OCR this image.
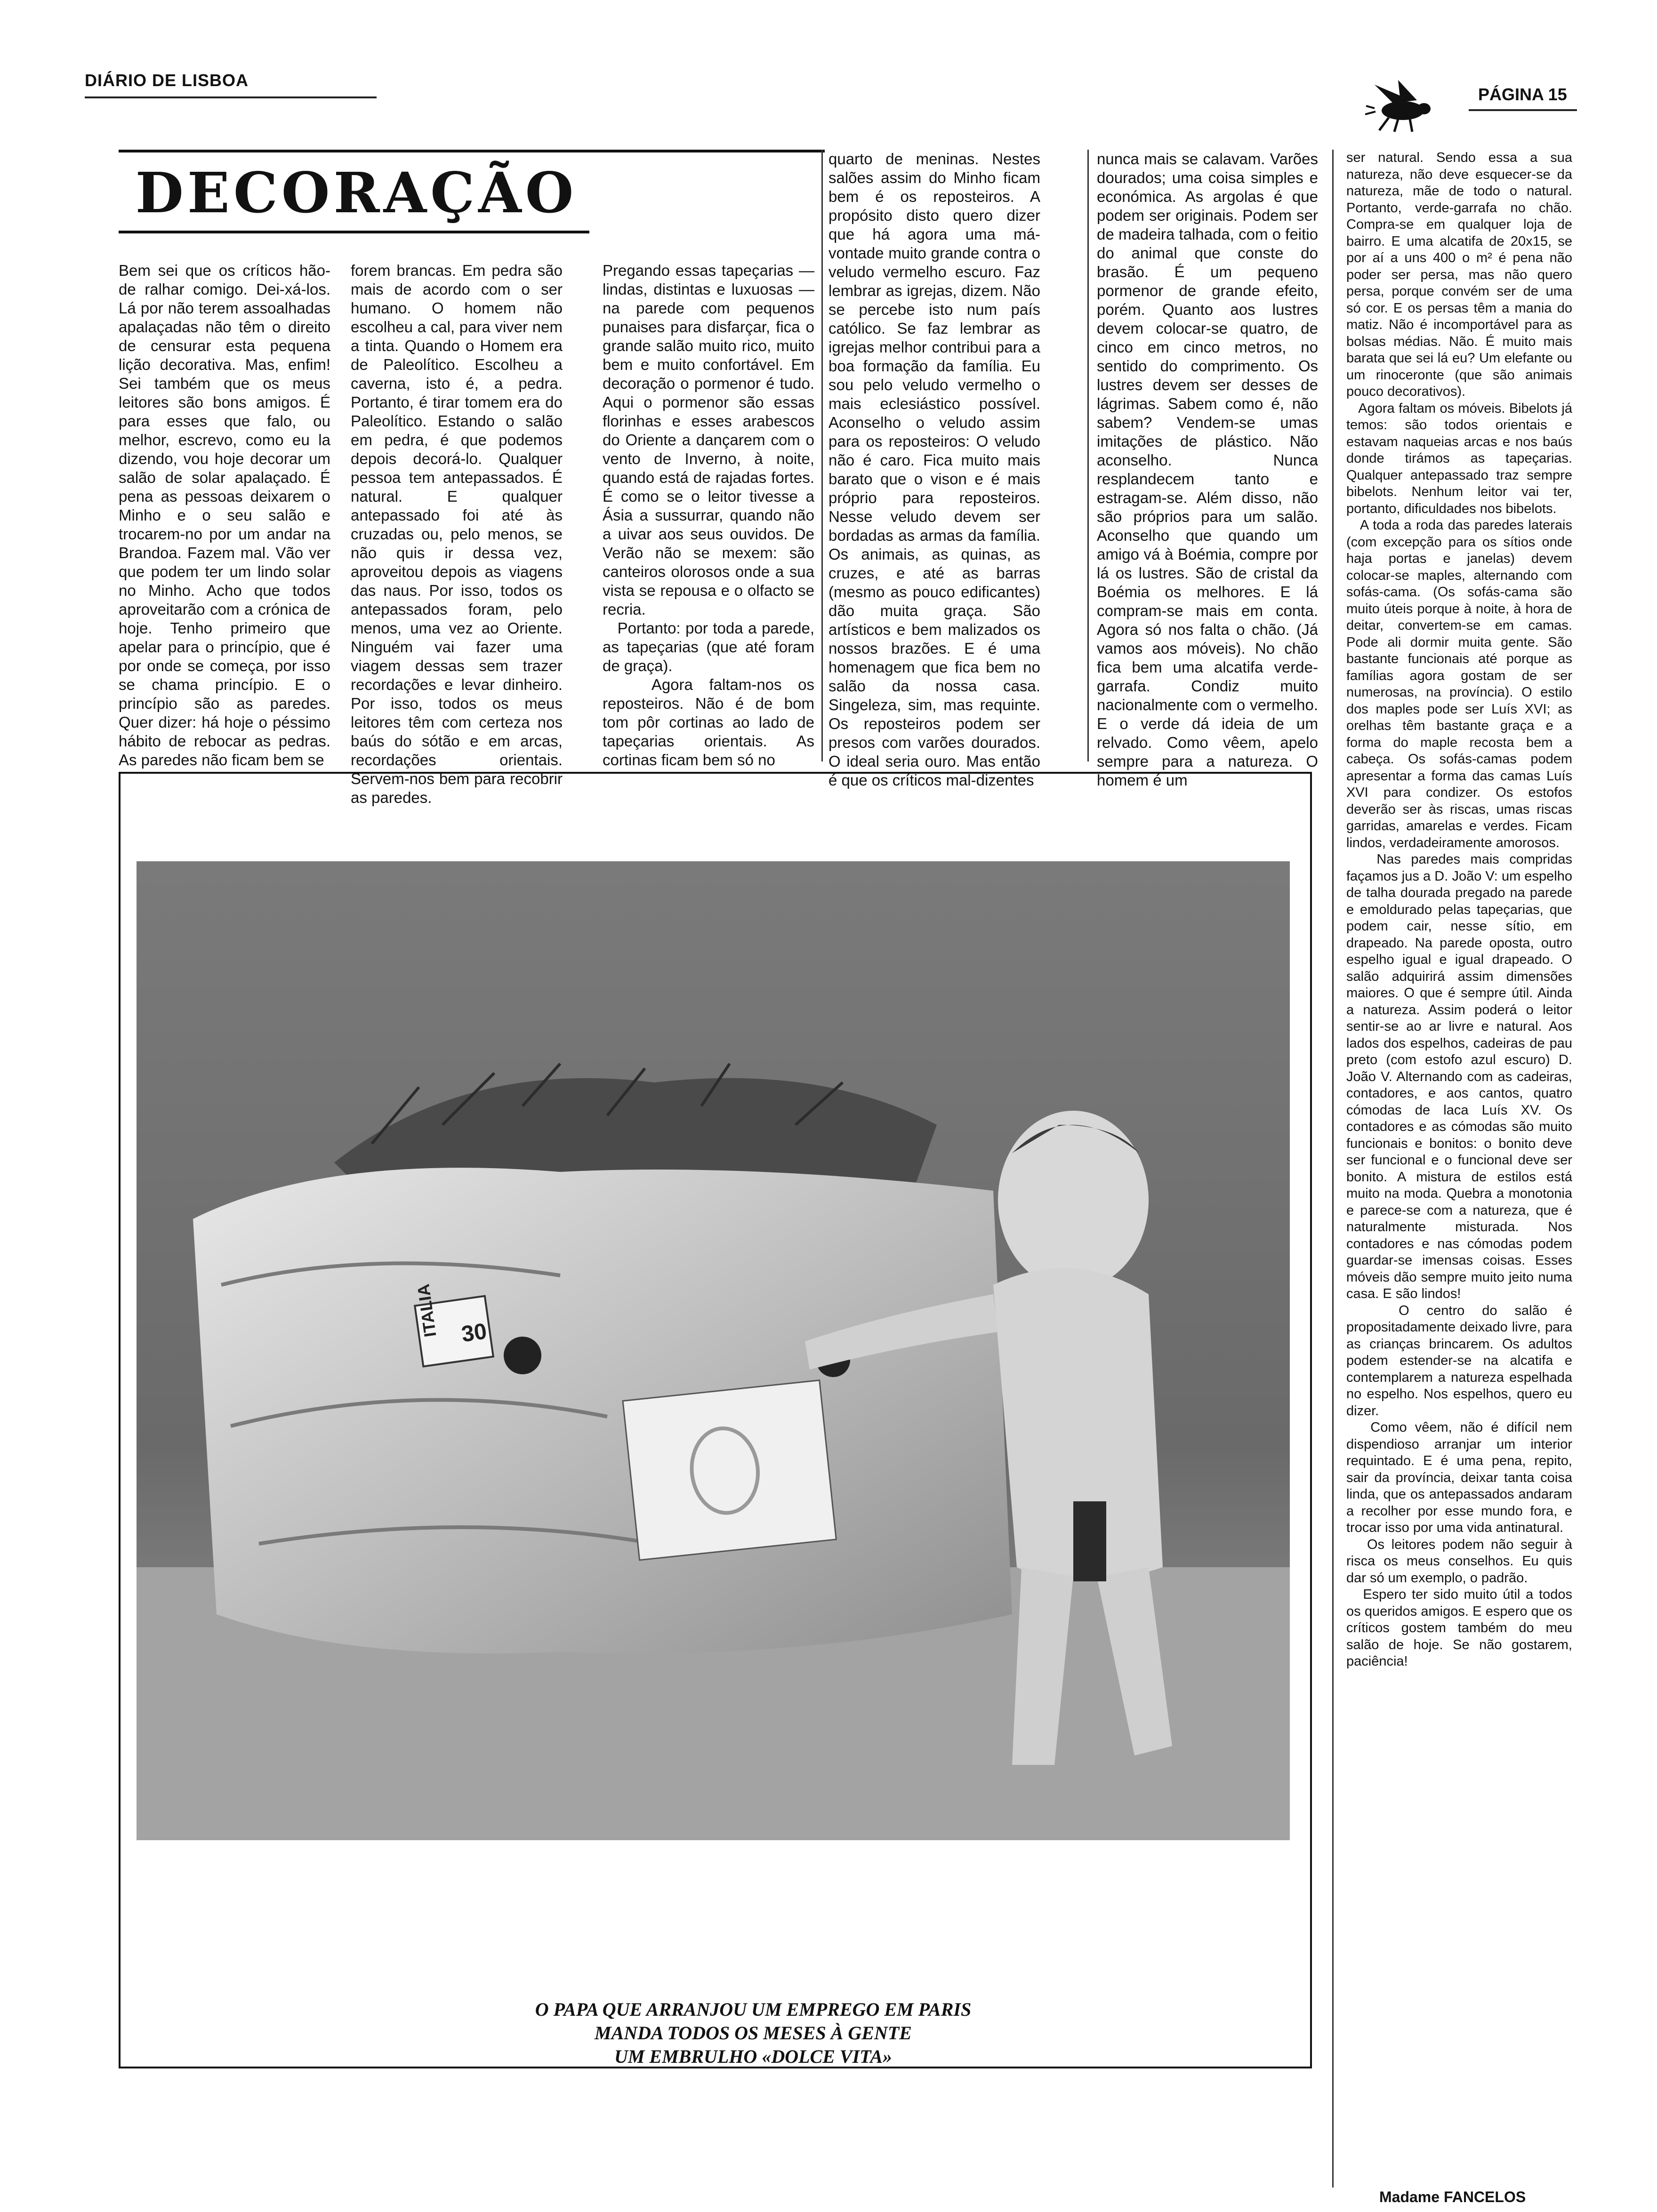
DIÁRIO DE LISBOA
PÁGINA 15
DECORAÇÃO
Bem sei que os críticos hão-de ralhar comigo. Dei-xá-los. Lá por não terem assoalhadas apalaçadas não têm o direito de censurar esta pequena lição decorativa. Mas, enfim! Sei também que os meus leitores são bons amigos. É para esses que falo, ou melhor, escrevo, como eu la dizendo, vou hoje decorar um salão de solar apalaçado. É pena as pessoas deixarem o Minho e o seu salão e trocarem-no por um andar na Brandoa. Fazem mal. Vão ver que podem ter um lindo solar no Minho. Acho que todos aproveitarão com a crónica de hoje. Tenho primeiro que apelar para o princípio, que é por onde se começa, por isso se chama princípio. E o princípio são as paredes. Quer dizer: há hoje o péssimo hábito de rebocar as pedras. As paredes não ficam bem se
forem brancas. Em pedra são mais de acordo com o ser humano. O homem não escolheu a cal, para viver nem a tinta. Quando o Homem era de Paleolítico. Escolheu a caverna, isto é, a pedra. Portanto, é tirar tomem era do Paleolítico. Estando o salão em pedra, é que podemos depois decorá-lo. Qualquer pessoa tem antepassados. É natural. E qualquer antepassado foi até às cruzadas ou, pelo menos, se não quis ir dessa vez, aproveitou depois as viagens das naus. Por isso, todos os antepassados foram, pelo menos, uma vez ao Oriente. Ninguém vai fazer uma viagem dessas sem trazer recordações e levar dinheiro. Por isso, todos os meus leitores têm com certeza nos baús do sótão e em arcas, recordações orientais. Servem-nos bem para recobrir as paredes.
Pregando essas tapeçarias — lindas, distintas e luxuosas — na parede com pequenos punaises para disfarçar, fica o grande salão muito rico, muito bem e muito confortável. Em decoração o pormenor é tudo. Aqui o pormenor são essas florinhas e esses arabescos do Oriente a dançarem com o vento de Inverno, à noite, quando está de rajadas fortes. É como se o leitor tivesse a Ásia a sussurrar, quando não a uivar aos seus ouvidos. De Verão não se mexem: são canteiros olorosos onde a sua vista se repousa e o olfacto se recria.
Portanto: por toda a parede, as tapeçarias (que até foram de graça).
Agora faltam-nos os reposteiros. Não é de bom tom pôr cortinas ao lado de tapeçarias orientais. As cortinas ficam bem só no
quarto de meninas. Nestes salões assim do Minho ficam bem é os reposteiros. A propósito disto quero dizer que há agora uma má-vontade muito grande contra o veludo vermelho escuro. Faz lembrar as igrejas, dizem. Não se percebe isto num país católico. Se faz lembrar as igrejas melhor contribui para a boa formação da família. Eu sou pelo veludo vermelho o mais eclesiástico possível. Aconselho o veludo assim para os reposteiros: O veludo não é caro. Fica muito mais barato que o vison e é mais próprio para reposteiros. Nesse veludo devem ser bordadas as armas da família. Os animais, as quinas, as cruzes, e até as barras (mesmo as pouco edificantes) dão muita graça. São artísticos e bem malizados os nossos brazões. E é uma homenagem que fica bem no salão da nossa casa. Singeleza, sim, mas requinte. Os reposteiros podem ser presos com varões dourados. O ideal seria ouro. Mas então é que os críticos mal-dizentes
nunca mais se calavam. Varões dourados; uma coisa simples e económica. As argolas é que podem ser originais. Podem ser de madeira talhada, com o feitio do animal que conste do brasão. É um pequeno pormenor de grande efeito, porém. Quanto aos lustres devem colocar-se quatro, de cinco em cinco metros, no sentido do comprimento. Os lustres devem ser desses de lágrimas. Sabem como é, não sabem? Vendem-se umas imitações de plástico. Não aconselho. Nunca resplandecem tanto e estragam-se. Além disso, não são próprios para um salão. Aconselho que quando um amigo vá à Boémia, compre por lá os lustres. São de cristal da Boémia os melhores. E lá compram-se mais em conta. Agora só nos falta o chão. (Já vamos aos móveis). No chão fica bem uma alcatifa verde-garrafa. Condiz muito nacionalmente com o vermelho. E o verde dá ideia de um relvado. Como vêem, apelo sempre para a natureza. O homem é um
ser natural. Sendo essa a sua natureza, não deve esquecer-se da natureza, mãe de todo o natural. Portanto, verde-garrafa no chão. Compra-se em qualquer loja de bairro. E uma alcatifa de 20x15, se por aí a uns 400 o m² é pena não poder ser persa, mas não quero persa, porque convém ser de uma só cor. E os persas têm a mania do matiz. Não é incomportável para as bolsas médias. Não. É muito mais barata que sei lá eu? Um elefante ou um rinoceronte (que são animais pouco decorativos).
Agora faltam os móveis. Bibelots já temos: são todos orientais e estavam naqueias arcas e nos baús donde tirámos as tapeçarias. Qualquer antepassado traz sempre bibelots. Nenhum leitor vai ter, portanto, dificuldades nos bibelots.
A toda a roda das paredes laterais (com excepção para os sítios onde haja portas e janelas) devem colocar-se maples, alternando com sofás-cama. (Os sofás-cama são muito úteis porque à noite, à hora de deitar, convertem-se em camas. Pode ali dormir muita gente. São bastante funcionais até porque as famílias agora gostam de ser numerosas, na província). O estilo dos maples pode ser Luís XVI; as orelhas têm bastante graça e a forma do maple recosta bem a cabeça. Os sofás-camas podem apresentar a forma das camas Luís XVI para condizer. Os estofos deverão ser às riscas, umas riscas garridas, amarelas e verdes. Ficam lindos, verdadeiramente amorosos.
Nas paredes mais compridas façamos jus a D. João V: um espelho de talha dourada pregado na parede e emoldurado pelas tapeçarias, que podem cair, nesse sítio, em drapeado. Na parede oposta, outro espelho igual e igual drapeado. O salão adquirirá assim dimensões maiores. O que é sempre útil. Ainda a natureza. Assim poderá o leitor sentir-se ao ar livre e natural. Aos lados dos espelhos, cadeiras de pau preto (com estofo azul escuro) D. João V. Alternando com as cadeiras, contadores, e aos cantos, quatro cómodas de laca Luís XV. Os contadores e as cómodas são muito funcionais e bonitos: o bonito deve ser funcional e o funcional deve ser bonito. A mistura de estilos está muito na moda. Quebra a monotonia e parece-se com a natureza, que é naturalmente misturada. Nos contadores e nas cómodas podem guardar-se imensas coisas. Esses móveis dão sempre muito jeito numa casa. E são lindos!
O centro do salão é propositadamente deixado livre, para as crianças brincarem. Os adultos podem estender-se na alcatifa e contemplarem a natureza espelhada no espelho. Nos espelhos, quero eu dizer.
Como vêem, não é difícil nem dispendioso arranjar um interior requintado. E é uma pena, repito, sair da província, deixar tanta coisa linda, que os antepassados andaram a recolher por esse mundo fora, e trocar isso por uma vida antinatural.
Os leitores podem não seguir à risca os meus conselhos. Eu quis dar só um exemplo, o padrão.
Espero ter sido muito útil a todos os queridos amigos. E espero que os críticos gostem também do meu salão de hoje. Se não gostarem, paciência!
ITALIA 30
O PAPA QUE ARRANJOU UM EMPREGO EM PARIS
MANDA TODOS OS MESES À GENTE
UM EMBRULHO «DOLCE VITA»
Madame FANCELOS
